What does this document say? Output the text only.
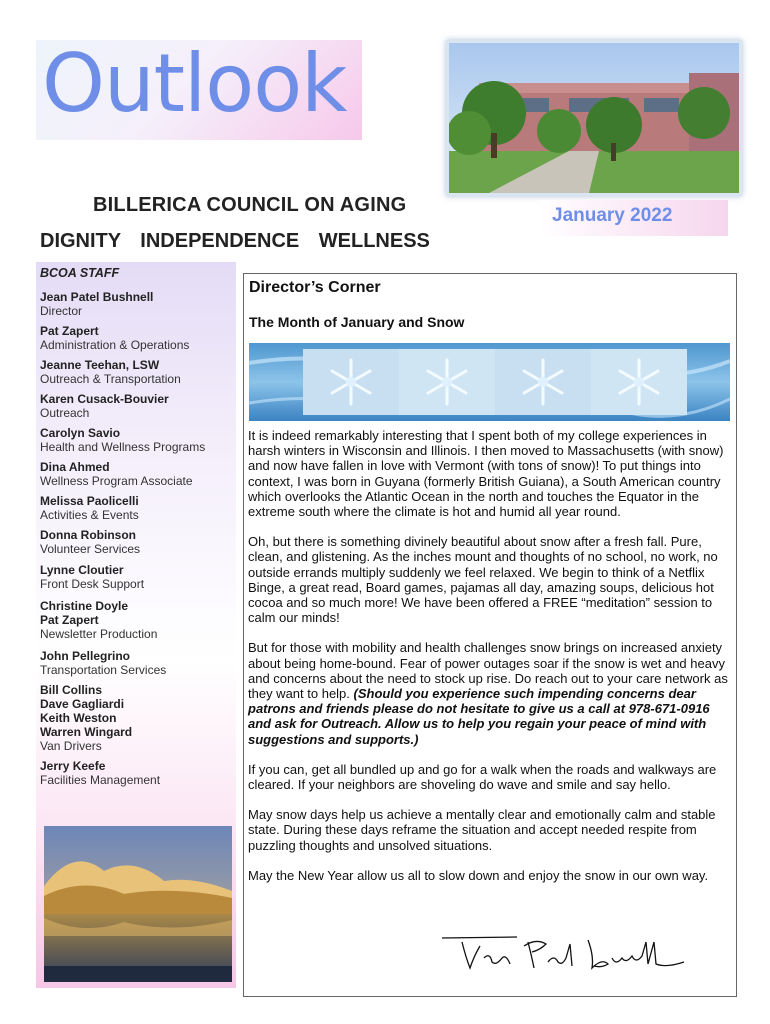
Outlook
BILLERICA COUNCIL ON AGING	January 2022
DIGNITY INDEPENDENCE WELLNESS
BCOA STAFF
Jean Patel Bushnell
Director
Pat Zapert
Administration & Operations
Jeanne Teehan, LSW
Outreach & Transportation
Karen Cusack-Bouvier
Outreach
Carolyn Savio
Health and Wellness Programs
Dina Ahmed
Wellness Program Associate
Melissa Paolicelli
Activities & Events
Donna Robinson
Volunteer Services
Lynne Cloutier
Front Desk Support
Christine Doyle
Pat Zapert
Newsletter Production
John Pellegrino
Transportation Services
Bill Collins
Dave Gagliardi
Keith Weston
Warren Wingard
Van Drivers
Jerry Keefe
Facilities Management
Director’s Corner
The Month of January and Snow

It is indeed remarkably interesting that I spent both of my college experiences in harsh winters in Wisconsin and Illinois. I then moved to Massachusetts (with snow) and now have fallen in love with Vermont (with tons of snow)! To put things into context, I was born in Guyana (formerly British Guiana), a South American country which overlooks the Atlantic Ocean in the north and touches the Equator in the extreme south where the climate is hot and humid all year round.

Oh, but there is something divinely beautiful about snow after a fresh fall. Pure, clean, and glistening. As the inches mount and thoughts of no school, no work, no outside errands multiply suddenly we feel relaxed. We begin to think of a Netflix Binge, a great read, Board games, pajamas all day, amazing soups, delicious hot cocoa and so much more! We have been offered a FREE “meditation” session to calm our minds!

But for those with mobility and health challenges snow brings on increased anxiety about being home-bound. Fear of power outages soar if the snow is wet and heavy and concerns about the need to stock up rise. Do reach out to your care network as they want to help. (Should you experience such impending concerns dear patrons and friends please do not hesitate to give us a call at 978-671-0916 and ask for Outreach. Allow us to help you regain your peace of mind with suggestions and supports.)

If you can, get all bundled up and go for a walk when the roads and walkways are cleared. If your neighbors are shoveling do wave and smile and say hello.

May snow days help us achieve a mentally clear and emotionally calm and stable state. During these days reframe the situation and accept needed respite from puzzling thoughts and unsolved situations.

May the New Year allow us all to slow down and enjoy the snow in our own way.
